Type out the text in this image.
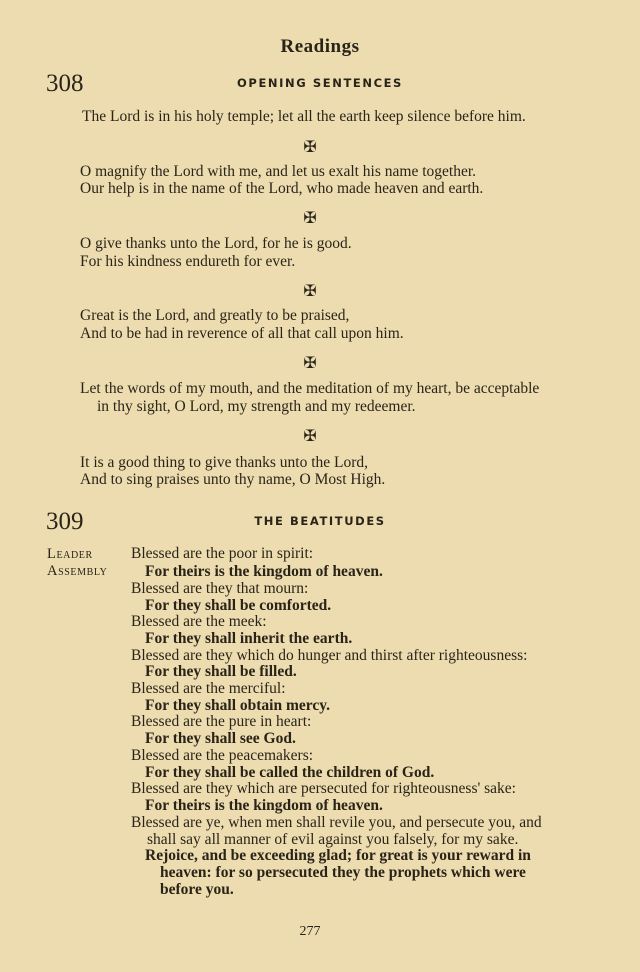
Readings
308	OPENING SENTENCES
The Lord is in his holy temple; let all the earth keep silence before him.
✠
O magnify the Lord with me, and let us exalt his name together.
Our help is in the name of the Lord, who made heaven and earth.
✠
O give thanks unto the Lord, for he is good.
For his kindness endureth for ever.
✠
Great is the Lord, and greatly to be praised,
And to be had in reverence of all that call upon him.
✠
Let the words of my mouth, and the meditation of my heart, be acceptable
in thy sight, O Lord, my strength and my redeemer.
✠
It is a good thing to give thanks unto the Lord,
And to sing praises unto thy name, O Most High.
309	THE BEATITUDES
Leader
Assembly
Blessed are the poor in spirit:
For theirs is the kingdom of heaven.
Blessed are they that mourn:
For they shall be comforted.
Blessed are the meek:
For they shall inherit the earth.
Blessed are they which do hunger and thirst after righteousness:
For they shall be filled.
Blessed are the merciful:
For they shall obtain mercy.
Blessed are the pure in heart:
For they shall see God.
Blessed are the peacemakers:
For they shall be called the children of God.
Blessed are they which are persecuted for righteousness' sake:
For theirs is the kingdom of heaven.
Blessed are ye, when men shall revile you, and persecute you, and
shall say all manner of evil against you falsely, for my sake.
Rejoice, and be exceeding glad; for great is your reward in
heaven: for so persecuted they the prophets which were
before you.
277
